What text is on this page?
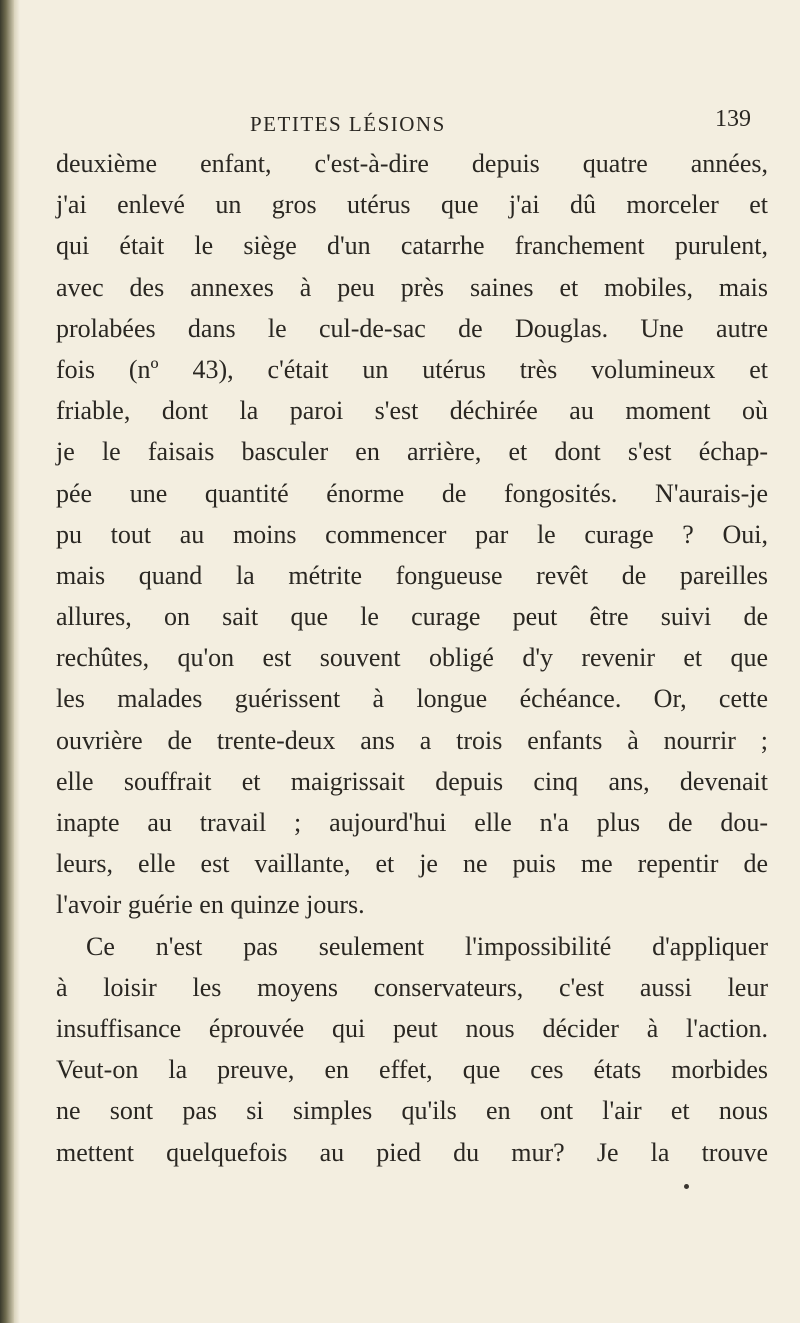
PETITES LÉSIONS	139
deuxième enfant, c'est-à-dire depuis quatre années,
j'ai enlevé un gros utérus que j'ai dû morceler et
qui était le siège d'un catarrhe franchement purulent,
avec des annexes à peu près saines et mobiles, mais
prolabées dans le cul-de-sac de Douglas. Une autre
fois (nº 43), c'était un utérus très volumineux et
friable, dont la paroi s'est déchirée au moment où
je le faisais basculer en arrière, et dont s'est échap-
pée une quantité énorme de fongosités. N'aurais-je
pu tout au moins commencer par le curage ? Oui,
mais quand la métrite fongueuse revêt de pareilles
allures, on sait que le curage peut être suivi de
rechûtes, qu'on est souvent obligé d'y revenir et que
les malades guérissent à longue échéance. Or, cette
ouvrière de trente-deux ans a trois enfants à nourrir ;
elle souffrait et maigrissait depuis cinq ans, devenait
inapte au travail ; aujourd'hui elle n'a plus de dou-
leurs, elle est vaillante, et je ne puis me repentir de
l'avoir guérie en quinze jours.
Ce n'est pas seulement l'impossibilité d'appliquer
à loisir les moyens conservateurs, c'est aussi leur
insuffisance éprouvée qui peut nous décider à l'action.
Veut-on la preuve, en effet, que ces états morbides
ne sont pas si simples qu'ils en ont l'air et nous
mettent quelquefois au pied du mur? Je la trouve
